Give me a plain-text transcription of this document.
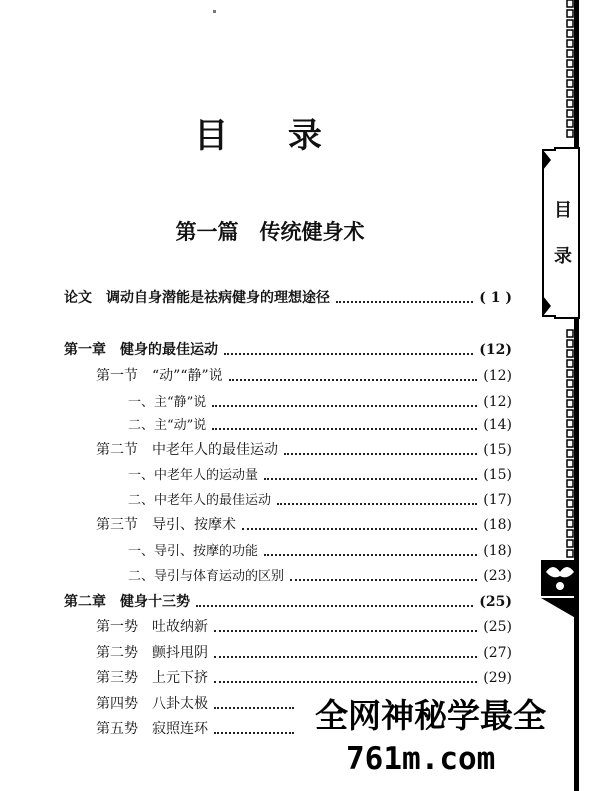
目 录
第一篇　传统健身术
论文　调动自身潜能是祛病健身的理想途径	( 1 )
第一章　健身的最佳运动	(12)
第一节　“动”“静”说	(12)
一、主“静”说	(12)
二、主“动”说	(14)
第二节　中老年人的最佳运动	(15)
一、中老年人的运动量	(15)
二、中老年人的最佳运动	(17)
第三节　导引、按摩术	(18)
一、导引、按摩的功能	(18)
二、导引与体育运动的区别	(23)
第二章　健身十三势	(25)
第一势　吐故纳新	(25)
第二势　颤抖甩阴	(27)
第三势　上元下挤	(29)
第四势　八卦太极
第五势　寂照连环
目
录
全网神秘学最全
761m.com
